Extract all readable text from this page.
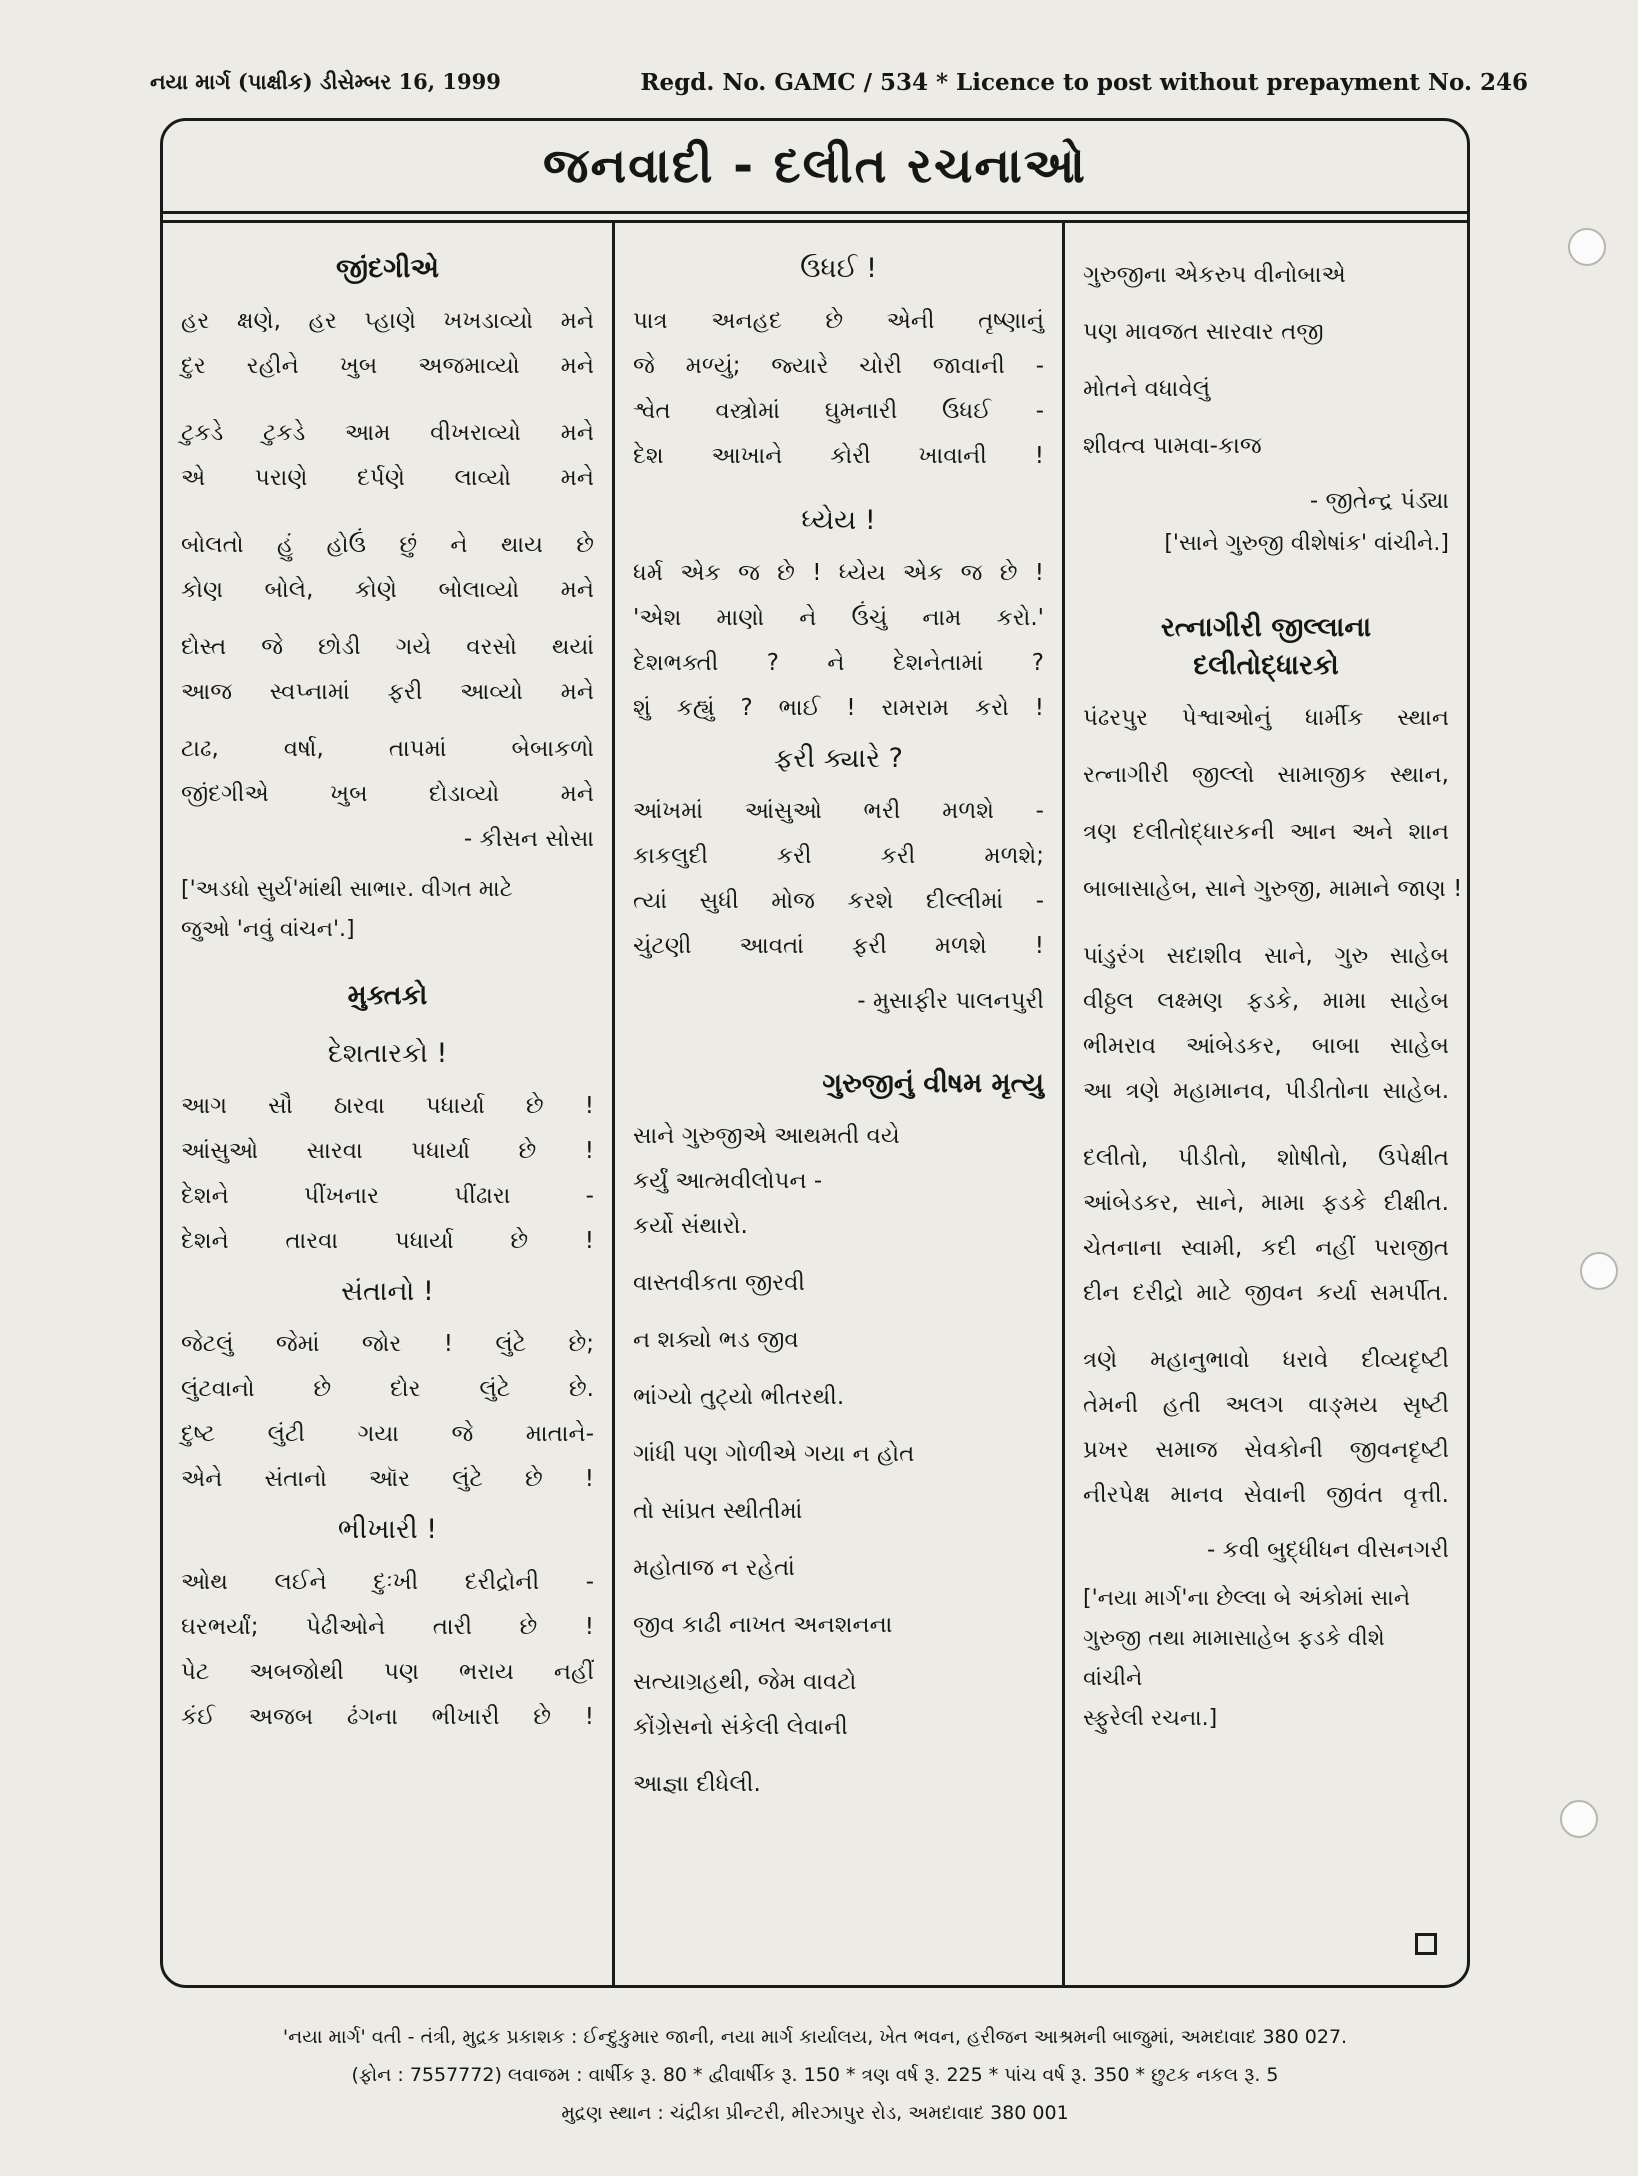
નયા માર્ગ (પાક્ષીક) ડીસેમ્બર 16, 1999	Regd. No. GAMC / 534 * Licence to post without prepayment No. 246
જનવાદી - દલીત રચનાઓ
જીંદગીએ
હર ક્ષણે, હર પ્હાણે ખખડાવ્યો મને
દુર રહીને ખુબ અજમાવ્યો મને
ટુકડે ટુકડે આમ વીખરાવ્યો મને
એ પરાણે દર્પણે લાવ્યો મને
બોલતો હું હોઉં છું ને થાય છે
કોણ બોલે, કોણે બોલાવ્યો મને
દોસ્ત જે છોડી ગયે વરસો થયાં
આજ સ્વપ્નામાં ફરી આવ્યો મને
ટાઢ, વર્ષા, તાપમાં બેબાકળો
જીંદગીએ ખુબ દોડાવ્યો મને
- કીસન સોસા
['અડધો સુર્ય'માંથી સાભાર. વીગત માટે
જુઓ 'નવું વાંચન'.]
મુક્તકો
દેશતારકો !
આગ સૌ ઠારવા પધાર્યા છે !
આંસુઓ સારવા પધાર્યા છે !
દેશને પીંખનાર પીંઢારા -
દેશને તારવા પધાર્યા છે !
સંતાનો !
જેટલું જેમાં જોર ! લુંટે છે;
લુંટવાનો છે દોર લુંટે છે.
દુષ્ટ લુંટી ગયા જે માતાને-
એને સંતાનો ઑર લુંટે છે !
ભીખારી !
ઓથ લઈને દુઃખી દરીદ્રોની -
ઘરભર્યાં; પેઢીઓને તારી છે !
પેટ અબજોથી પણ ભરાય નહીં
કંઈ અજબ ઢંગના ભીખારી છે !
ઉધઈ !
પાત્ર અનહદ છે એની તૃષ્ણાનું
જે મળ્યું; જ્યારે ચોરી જાવાની -
શ્વેત વસ્ત્રોમાં ઘુમનારી ઉધઈ -
દેશ આખાને કોરી ખાવાની !
ધ્યેય !
ધર્મ એક જ છે ! ધ્યેય એક જ છે !
'એશ માણો ને ઉંચું નામ કરો.'
દેશભક્તી ? ને દેશનેતામાં ?
શું કહ્યું ? ભાઈ ! રામરામ કરો !
ફરી ક્યારે ?
આંખમાં આંસુઓ ભરી મળશે -
કાકલુદી કરી કરી મળશે;
ત્યાં સુધી મોજ કરશે દીલ્લીમાં -
ચુંટણી આવતાં ફરી મળશે !
- મુસાફીર પાલનપુરી
ગુરુજીનું વીષમ મૃત્યુ
સાને ગુરુજીએ આથમતી વયે
કર્યું આત્મવીલોપન -
કર્યો સંથારો.
વાસ્તવીકતા જીરવી
ન શક્યો ભડ જીવ
ભાંગ્યો તુટ્યો ભીતરથી.
ગાંધી પણ ગોળીએ ગયા ન હોત
તો સાંપ્રત સ્થીતીમાં
મહોતાજ ન રહેતાં
જીવ કાઢી નાખત અનશનના
સત્યાગ્રહથી, જેમ વાવટો
કોંગ્રેસનો સંકેલી લેવાની
આજ્ઞા દીધેલી.
ગુરુજીના એકરુપ વીનોબાએ
પણ માવજત સારવાર તજી
મોતને વધાવેલું
શીવત્વ પામવા-કાજ
- જીતેન્દ્ર પંડ્યા
['સાને ગુરુજી વીશેષાંક' વાંચીને.]
રત્નાગીરી જીલ્લાના
દલીતોદ્ધારકો
પંઢરપુર પેશ્વાઓનું ધાર્મીક સ્થાન
રત્નાગીરી જીલ્લો સામાજીક સ્થાન,
ત્રણ દલીતોદ્ધારકની આન અને શાન
બાબાસાહેબ, સાને ગુરુજી, મામાને જાણ !
પાંડુરંગ સદાશીવ સાને, ગુરુ સાહેબ
વીઠ્ઠલ લક્ષ્મણ ફડકે, મામા સાહેબ
ભીમરાવ આંબેડકર, બાબા સાહેબ
આ ત્રણે મહામાનવ, પીડીતોના સાહેબ.
દલીતો, પીડીતો, શોષીતો, ઉપેક્ષીત
આંબેડકર, સાને, મામા ફડકે દીક્ષીત.
ચેતનાના સ્વામી, કદી નહીં પરાજીત
દીન દરીદ્રો માટે જીવન કર્યા સમર્પીત.
ત્રણે મહાનુભાવો ધરાવે દીવ્યદૃષ્ટી
તેમની હતી અલગ વાઙ્મય સૃષ્ટી
પ્રખર સમાજ સેવકોની જીવનદૃષ્ટી
નીરપેક્ષ માનવ સેવાની જીવંત વૃત્તી.
- કવી બુદ્ધીધન વીસનગરી
['નયા માર્ગ'ના છેલ્લા બે અંકોમાં સાને
ગુરુજી તથા મામાસાહેબ ફડકે વીશે વાંચીને
સ્ફુરેલી રચના.]
'નયા માર્ગ' વતી - તંત્રી, મુદ્રક પ્રકાશક : ઈન્દુકુમાર જાની, નયા માર્ગ કાર્યાલય, ખેત ભવન, હરીજન આશ્રમની બાજુમાં, અમદાવાદ 380 027.
(ફોન : 7557772) લવાજમ : વાર્ષીક રૂ. 80 * દ્વીવાર્ષીક રૂ. 150 * ત્રણ વર્ષ રૂ. 225 * પાંચ વર્ષ રૂ. 350 * છુટક નકલ રૂ. 5
મુદ્રણ સ્થાન : ચંદ્રીકા પ્રીન્ટરી, મીરઝાપુર રોડ, અમદાવાદ 380 001
